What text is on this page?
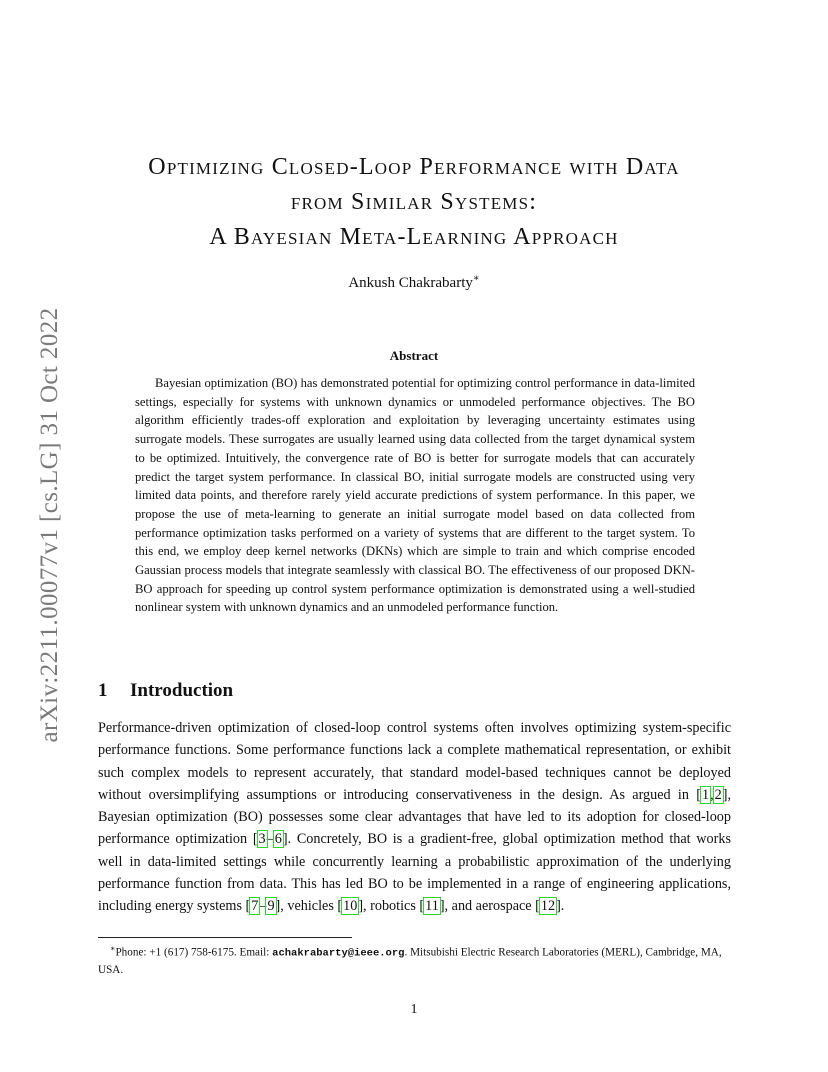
arXiv:2211.00077v1 [cs.LG] 31 Oct 2022
Optimizing Closed-Loop Performance with Data
from Similar Systems:
A Bayesian Meta-Learning Approach
Ankush Chakrabarty∗
Abstract

Bayesian optimization (BO) has demonstrated potential for optimizing control performance in data-limited settings, especially for systems with unknown dynamics or unmodeled performance objectives. The BO algorithm efficiently trades-off exploration and exploitation by leveraging uncertainty estimates using surrogate models. These surrogates are usually learned using data collected from the target dynamical system to be optimized. Intuitively, the convergence rate of BO is better for surrogate models that can accurately predict the target system performance. In classical BO, initial surrogate models are constructed using very limited data points, and therefore rarely yield accurate predictions of system performance. In this paper, we propose the use of meta-learning to generate an initial surrogate model based on data collected from performance optimization tasks performed on a variety of systems that are different to the target system. To this end, we employ deep kernel networks (DKNs) which are simple to train and which comprise encoded Gaussian process models that integrate seamlessly with classical BO. The effectiveness of our proposed DKN-BO approach for speeding up control system performance optimization is demonstrated using a well-studied nonlinear system with unknown dynamics and an unmodeled performance function.

1 Introduction

Performance-driven optimization of closed-loop control systems often involves optimizing system-specific performance functions. Some performance functions lack a complete mathematical representation, or exhibit such complex models to represent accurately, that standard model-based techniques cannot be deployed without oversimplifying assumptions or introducing conservativeness in the design. As argued in [1,2], Bayesian optimization (BO) possesses some clear advantages that have led to its adoption for closed-loop performance optimization [3–6]. Concretely, BO is a gradient-free, global optimization method that works well in data-limited settings while concurrently learning a probabilistic approximation of the underlying performance function from data. This has led BO to be implemented in a range of engineering applications, including energy systems [7–9], vehicles [10], robotics [11], and aerospace [12].

∗Phone: +1 (617) 758-6175. Email: achakrabarty@ieee.org. Mitsubishi Electric Research Laboratories (MERL), Cambridge, MA, USA.

1
